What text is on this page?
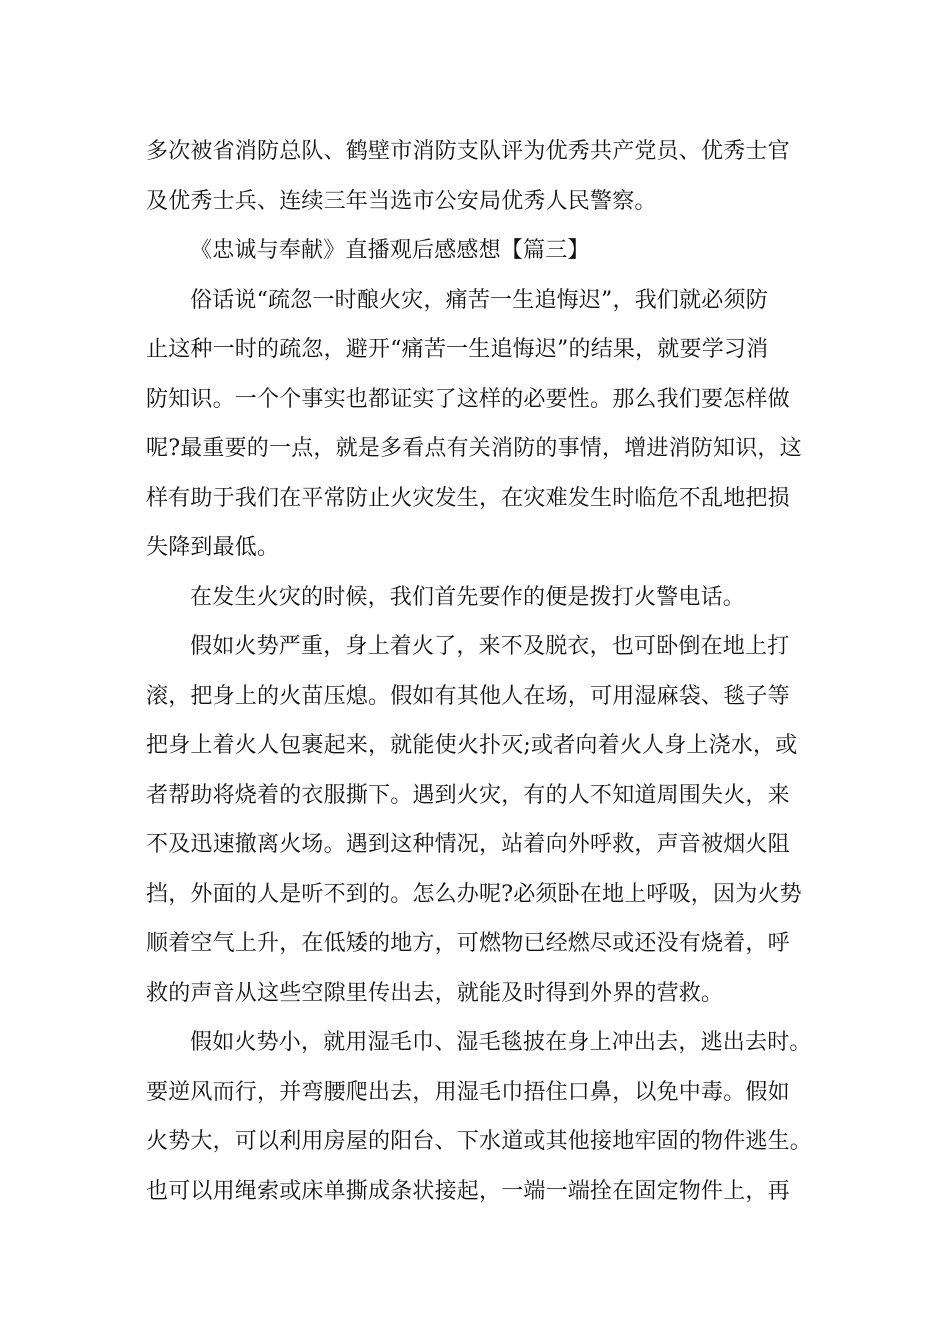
多次被省消防总队、鹤壁市消防支队评为优秀共产党员、优秀士官
及优秀士兵、连续三年当选市公安局优秀人民警察。
《忠诚与奉献》直播观后感感想【篇三】
俗话说“疏忽一时酿火灾，痛苦一生追悔迟”，我们就必须防
止这种一时的疏忽，避开“痛苦一生追悔迟”的结果，就要学习消
防知识。一个个事实也都证实了这样的必要性。那么我们要怎样做
呢?最重要的一点，就是多看点有关消防的事情，增进消防知识，这
样有助于我们在平常防止火灾发生，在灾难发生时临危不乱地把损
失降到最低。
在发生火灾的时候，我们首先要作的便是拨打火警电话。
假如火势严重，身上着火了，来不及脱衣，也可卧倒在地上打
滚，把身上的火苗压熄。假如有其他人在场，可用湿麻袋、毯子等
把身上着火人包裹起来，就能使火扑灭;或者向着火人身上浇水，或
者帮助将烧着的衣服撕下。遇到火灾，有的人不知道周围失火，来
不及迅速撤离火场。遇到这种情况，站着向外呼救，声音被烟火阻
挡，外面的人是听不到的。怎么办呢?必须卧在地上呼吸，因为火势
顺着空气上升，在低矮的地方，可燃物已经燃尽或还没有烧着，呼
救的声音从这些空隙里传出去，就能及时得到外界的营救。
假如火势小，就用湿毛巾、湿毛毯披在身上冲出去，逃出去时。
要逆风而行，并弯腰爬出去，用湿毛巾捂住口鼻，以免中毒。假如
火势大，可以利用房屋的阳台、下水道或其他接地牢固的物件逃生。
也可以用绳索或床单撕成条状接起，一端一端拴在固定物件上，再
